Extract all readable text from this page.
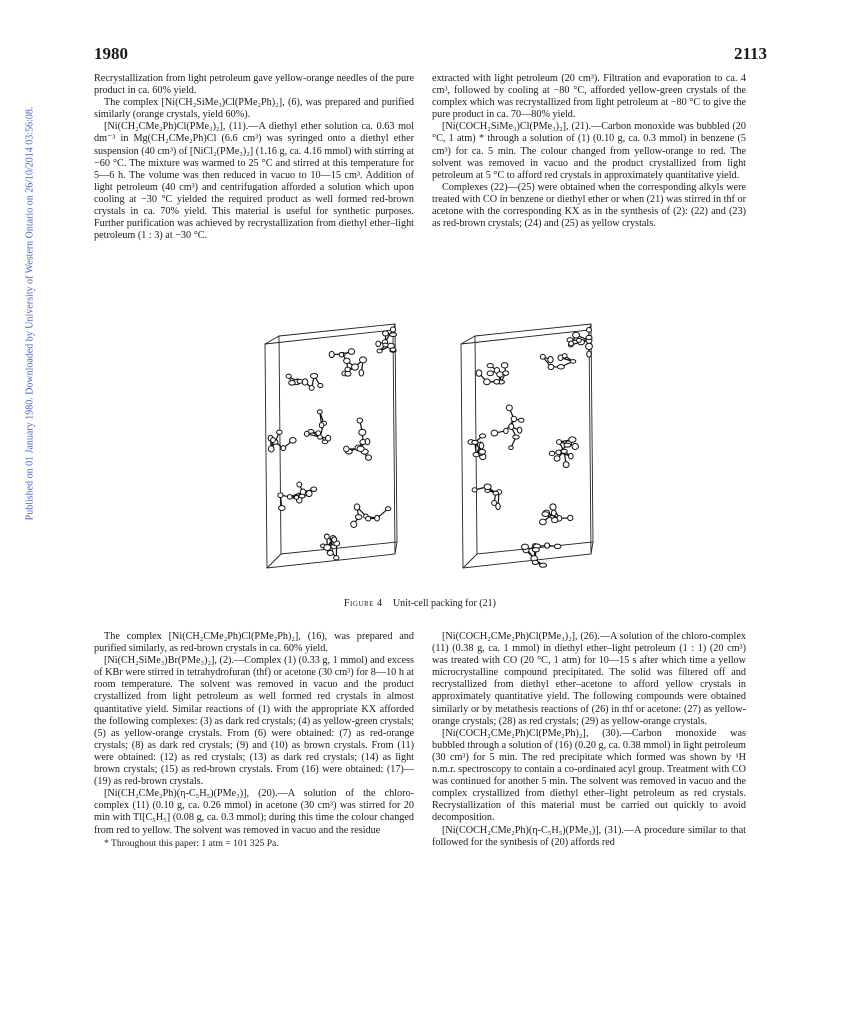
1980	2113
Published on 01 January 1980. Downloaded by University of Western Ontario on 26/10/2014 03:56:08.

Recrystallization from light petroleum gave yellow-orange needles of the pure product in ca. 60% yield.

The complex [Ni(CH₂SiMe₃)Cl(PMe₂Ph)₂], (6), was prepared and purified similarly (orange crystals, yield 60%).

[Ni(CH₂CMe₂Ph)Cl(PMe₃)₂], (11).—A diethyl ether solution ca. 0.63 mol dm⁻³ in Mg(CH₂CMe₂Ph)Cl (6.6 cm³) was syringed onto a diethyl ether suspension (40 cm³) of [NiCl₂(PMe₃)₂] (1.16 g, ca. 4.16 mmol) with stirring at −60 °C. The mixture was warmed to 25 °C and stirred at this temperature for 5—6 h. The volume was then reduced in vacuo to 10—15 cm³. Addition of light petroleum (40 cm³) and centrifugation afforded a solution which upon cooling at −30 °C yielded the required product as well formed red-brown crystals in ca. 70% yield. This material is useful for synthetic purposes. Further purification was achieved by recrystallization from diethyl ether–light petroleum (1 : 3) at −30 °C.

extracted with light petroleum (20 cm³). Filtration and evaporation to ca. 4 cm³, followed by cooling at −80 °C, afforded yellow-green crystals of the complex which was recrystallized from light petroleum at −80 °C to give the pure product in ca. 70—80% yield.

[Ni(COCH₂SiMe₃)Cl(PMe₃)₂], (21).—Carbon monoxide was bubbled (20 °C, 1 atm) * through a solution of (1) (0.10 g, ca. 0.3 mmol) in benzene (5 cm³) for ca. 5 min. The colour changed from yellow-orange to red. The solvent was removed in vacuo and the product crystallized from light petroleum at 5 °C to afford red crystals in approximately quantitative yield.

Complexes (22)—(25) were obtained when the corresponding alkyls were treated with CO in benzene or diethyl ether or when (21) was stirred in thf or acetone with the corresponding KX as in the synthesis of (2): (22) and (23) as red-brown crystals; (24) and (25) as yellow crystals.

Figure 4 Unit-cell packing for (21)

The complex [Ni(CH₂CMe₂Ph)Cl(PMe₂Ph)₂], (16), was prepared and purified similarly, as red-brown crystals in ca. 60% yield.

[Ni(CH₂SiMe₃)Br(PMe₃)₂], (2).—Complex (1) (0.33 g, 1 mmol) and excess of KBr were stirred in tetrahydrofuran (thf) or acetone (30 cm³) for 8—10 h at room temperature. The solvent was removed in vacuo and the product crystallized from light petroleum as well formed red crystals in almost quantitative yield. Similar reactions of (1) with the appropriate KX afforded the following complexes: (3) as dark red crystals; (4) as yellow-green crystals; (5) as yellow-orange crystals. From (6) were obtained: (7) as red-orange crystals; (8) as dark red crystals; (9) and (10) as brown crystals. From (11) were obtained: (12) as red crystals; (13) as dark red crystals; (14) as light brown crystals; (15) as red-brown crystals. From (16) were obtained: (17)—(19) as red-brown crystals.

[Ni(CH₂CMe₂Ph)(η-C₅H₅)(PMe₃)], (20).—A solution of the chloro-complex (11) (0.10 g, ca. 0.26 mmol) in acetone (30 cm³) was stirred for 20 min with Tl[C₅H₅] (0.08 g, ca. 0.3 mmol); during this time the colour changed from red to yellow. The solvent was removed in vacuo and the residue

* Throughout this paper: 1 atm = 101 325 Pa.

[Ni(COCH₂CMe₂Ph)Cl(PMe₃)₂], (26).—A solution of the chloro-complex (11) (0.38 g, ca. 1 mmol) in diethyl ether–light petroleum (1 : 1) (20 cm³) was treated with CO (20 °C, 1 atm) for 10—15 s after which time a yellow microcrystalline compound precipitated. The solid was filtered off and recrystallized from diethyl ether–acetone to afford yellow crystals in approximately quantitative yield. The following compounds were obtained similarly or by metathesis reactions of (26) in thf or acetone: (27) as yellow-orange crystals; (28) as red crystals; (29) as yellow-orange crystals.

[Ni(COCH₂CMe₂Ph)Cl(PMe₂Ph)₂], (30).—Carbon monoxide was bubbled through a solution of (16) (0.20 g, ca. 0.38 mmol) in light petroleum (30 cm³) for 5 min. The red precipitate which formed was shown by ¹H n.m.r. spectroscopy to contain a co-ordinated acyl group. Treatment with CO was continued for another 5 min. The solvent was removed in vacuo and the complex crystallized from diethyl ether–light petroleum as red crystals. Recrystallization of this material must be carried out quickly to avoid decomposition.

[Ni(COCH₂CMe₂Ph)(η-C₅H₅)(PMe₃)], (31).—A procedure similar to that followed for the synthesis of (20) affords red
